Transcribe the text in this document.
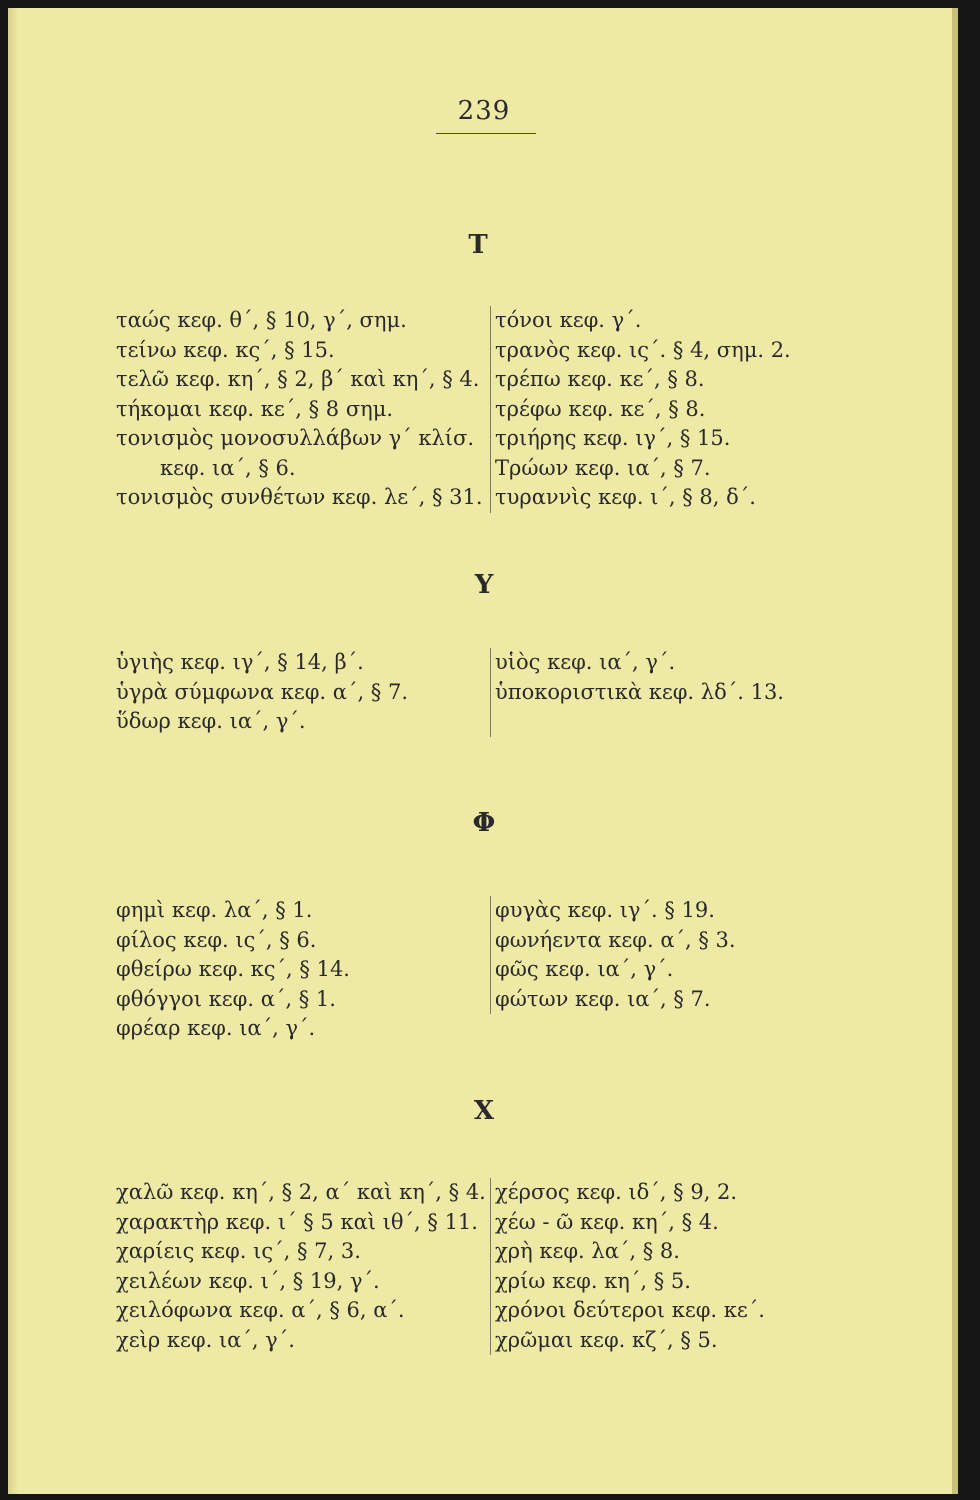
239
Τ
ταώς κεφ. θ΄, § 10, γ΄, σημ.
τείνω κεφ. κς΄, § 15.
τελῶ κεφ. κη΄, § 2, β΄ καὶ κη΄, § 4.
τήκομαι κεφ. κε΄, § 8 σημ.
τονισμὸς μονοσυλλάβων γ΄ κλίσ.
κεφ. ια΄, § 6.
τονισμὸς συνθέτων κεφ. λε΄, § 31.
τόνοι κεφ. γ΄.
τρανὸς κεφ. ις΄. § 4, σημ. 2.
τρέπω κεφ. κε΄, § 8.
τρέφω κεφ. κε΄, § 8.
τριήρης κεφ. ιγ΄, § 15.
Τρώων κεφ. ια΄, § 7.
τυραννὶς κεφ. ι΄, § 8, δ΄.
Υ
ὑγιὴς κεφ. ιγ΄, § 14, β΄.
ὑγρὰ σύμφωνα κεφ. α΄, § 7.
ὕδωρ κεφ. ια΄, γ΄.
υἱὸς κεφ. ια΄, γ΄.
ὑποκοριστικὰ κεφ. λδ΄. 13.
Φ
φημὶ κεφ. λα΄, § 1.
φίλος κεφ. ις΄, § 6.
φθείρω κεφ. κς΄, § 14.
φθόγγοι κεφ. α΄, § 1.
φρέαρ κεφ. ια΄, γ΄.
φυγὰς κεφ. ιγ΄. § 19.
φωνήεντα κεφ. α΄, § 3.
φῶς κεφ. ια΄, γ΄.
φώτων κεφ. ια΄, § 7.
Χ
χαλῶ κεφ. κη΄, § 2, α΄ καὶ κη΄, § 4.
χαρακτὴρ κεφ. ι΄ § 5 καὶ ιθ΄, § 11.
χαρίεις κεφ. ις΄, § 7, 3.
χειλέων κεφ. ι΄, § 19, γ΄.
χειλόφωνα κεφ. α΄, § 6, α΄.
χεὶρ κεφ. ια΄, γ΄.
χέρσος κεφ. ιδ΄, § 9, 2.
χέω - ῶ κεφ. κη΄, § 4.
χρὴ κεφ. λα΄, § 8.
χρίω κεφ. κη΄, § 5.
χρόνοι δεύτεροι κεφ. κε΄.
χρῶμαι κεφ. κζ΄, § 5.
